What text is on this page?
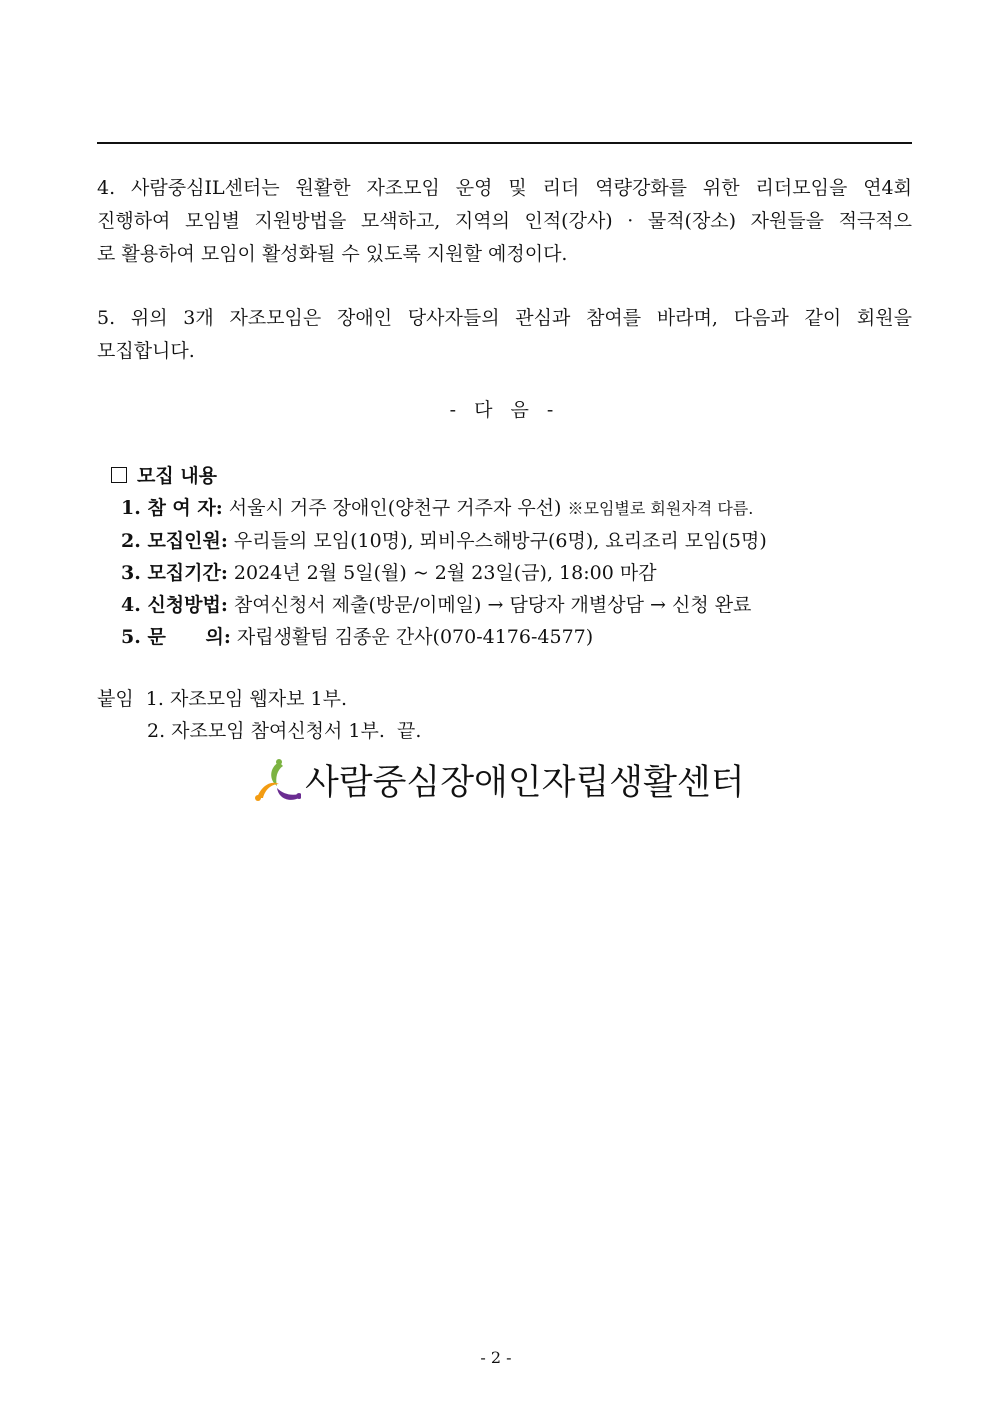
4. 사람중심IL센터는 원활한 자조모임 운영 및 리더 역량강화를 위한 리더모임을 연4회
진행하여 모임별 지원방법을 모색하고, 지역의 인적(강사) · 물적(장소) 자원들을 적극적으
로 활용하여 모임이 활성화될 수 있도록 지원할 예정이다.
5. 위의 3개 자조모임은 장애인 당사자들의 관심과 참여를 바라며, 다음과 같이 회원을
모집합니다.
- 다 음 -
모집 내용
1. 참 여 자: 서울시 거주 장애인(양천구 거주자 우선) ※모임별로 회원자격 다름.
2. 모집인원: 우리들의 모임(10명), 뫼비우스해방구(6명), 요리조리 모임(5명)
3. 모집기간: 2024년 2월 5일(월) ~ 2월 23일(금), 18:00 마감
4. 신청방법: 참여신청서 제출(방문/이메일) → 담당자 개별상담 → 신청 완료
5. 문      의: 자립생활팀 김종운 간사(070-4176-4577)
붙임  1. 자조모임 웹자보 1부.
2. 자조모임 참여신청서 1부.  끝.
사람중심장애인자립생활센터
- 2 -
